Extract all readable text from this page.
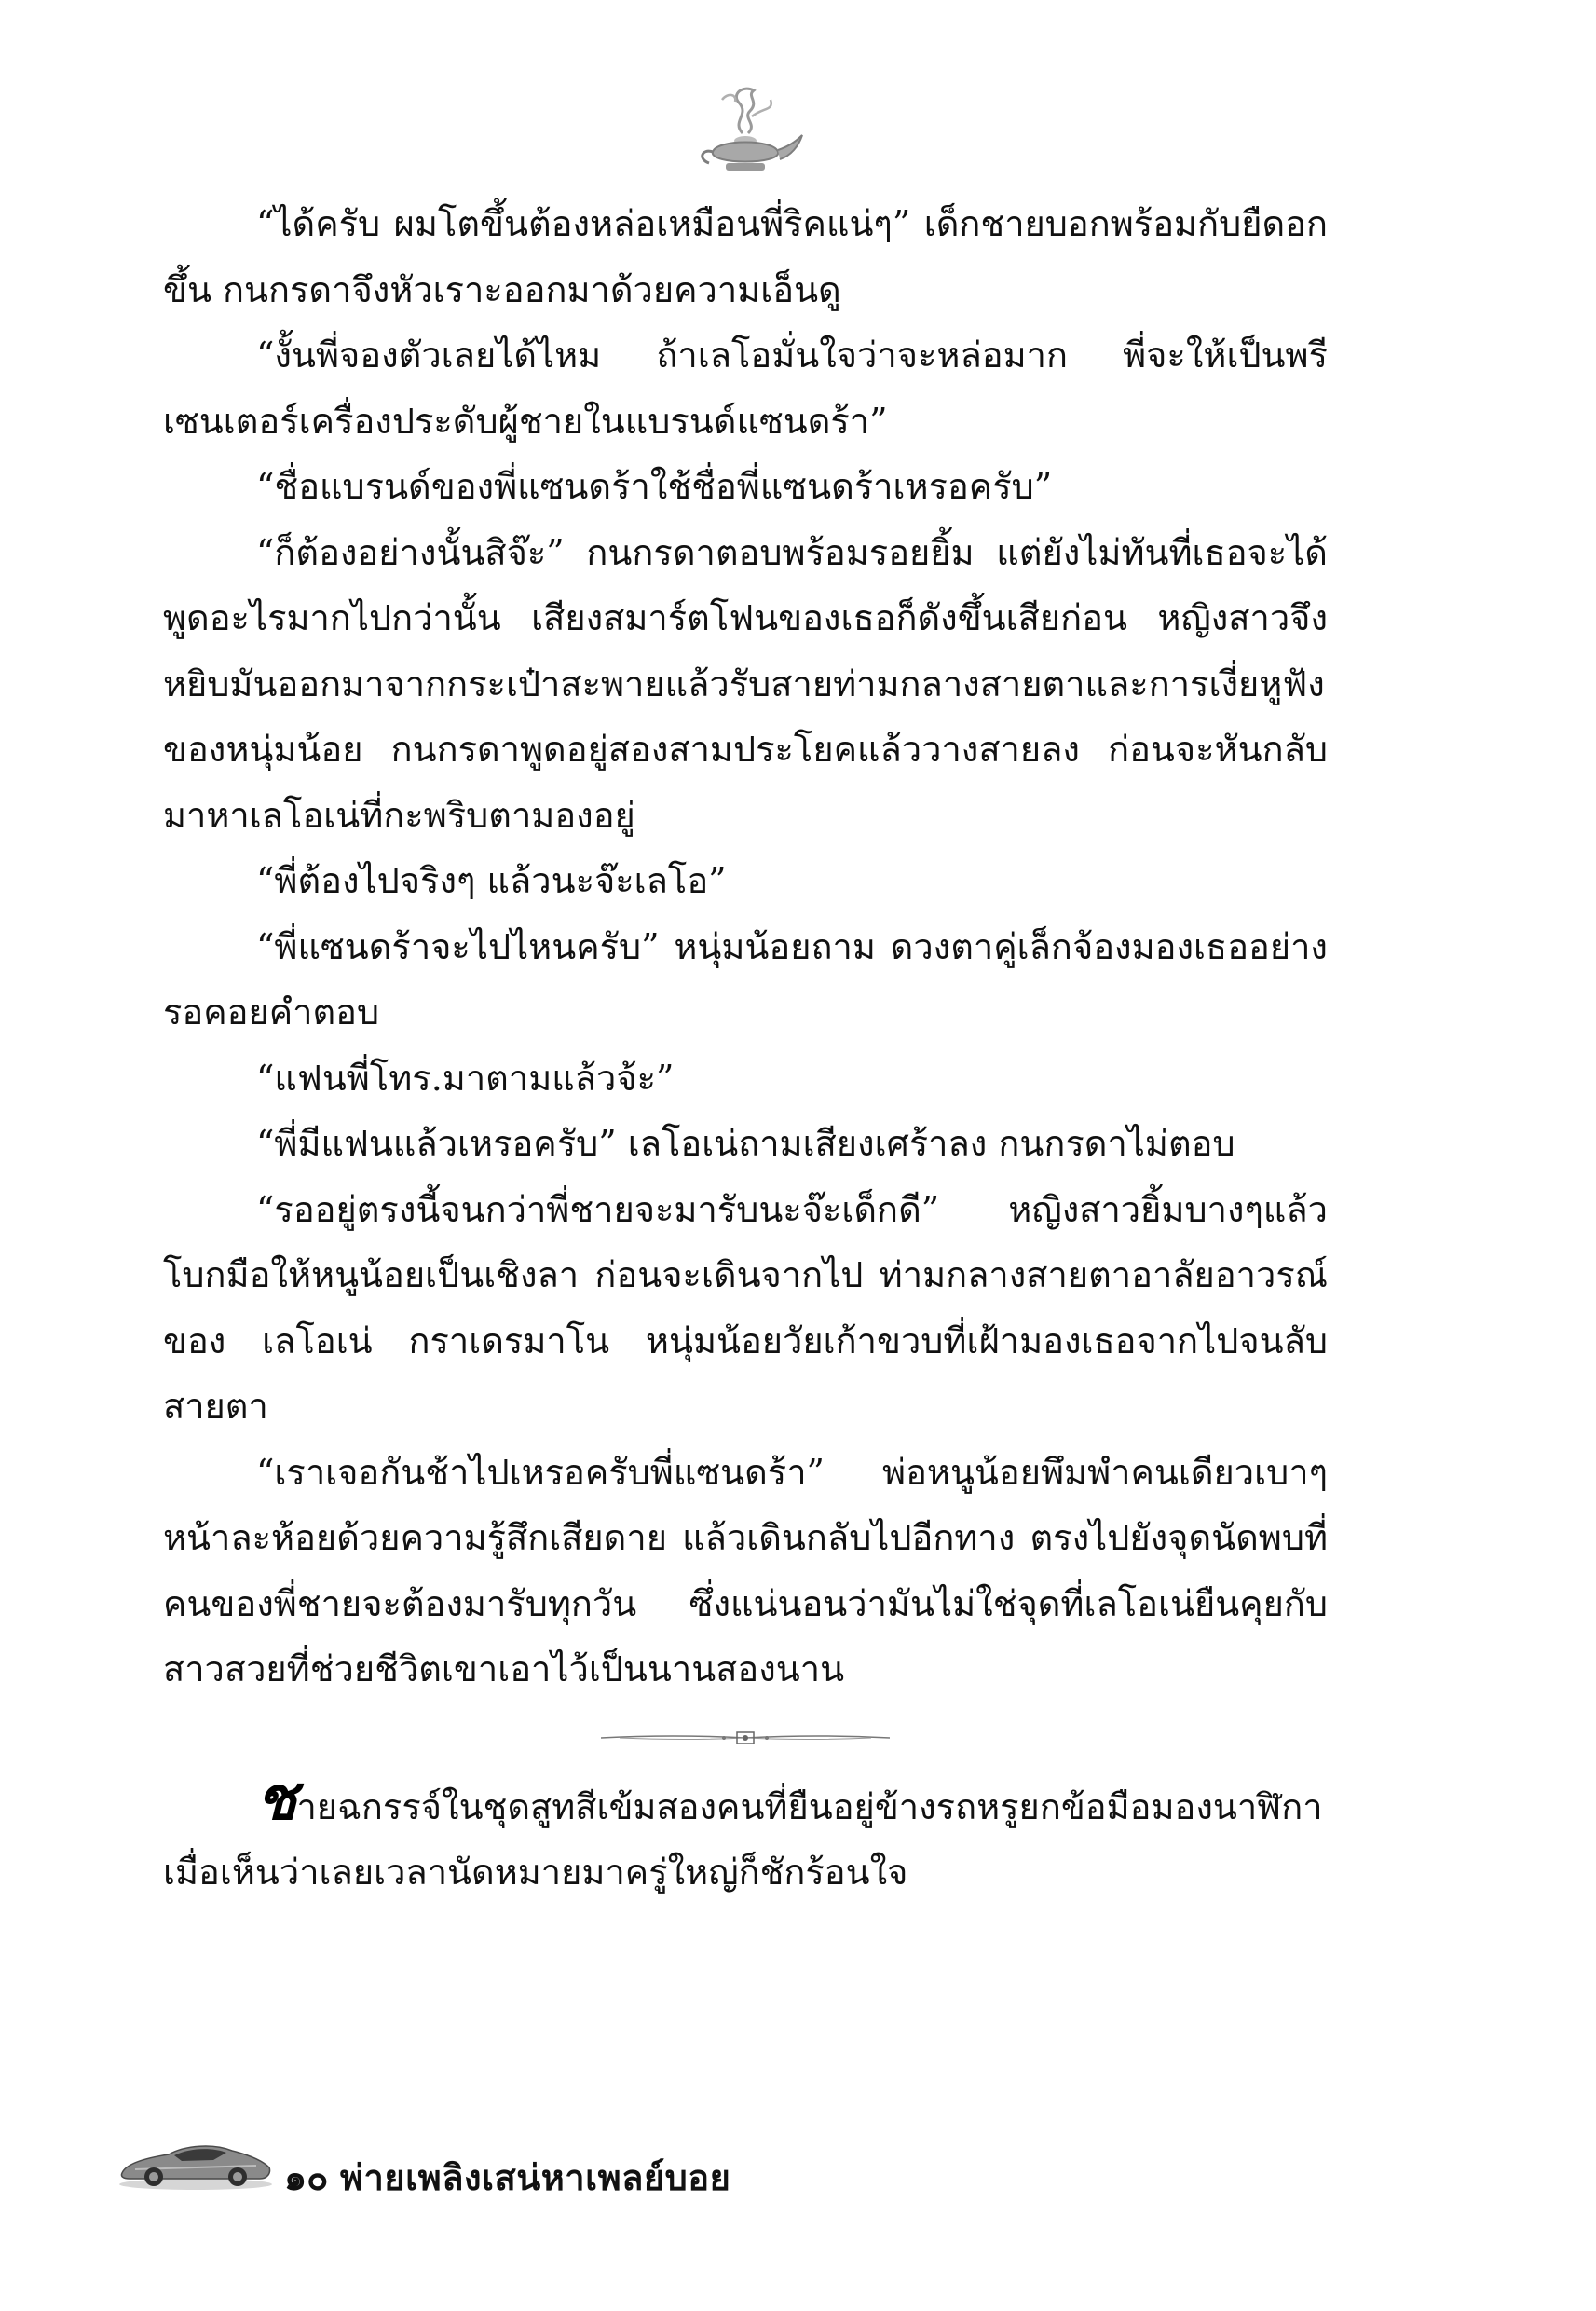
“ได้ครับ ผมโตขึ้นต้องหล่อเหมือนพี่ริคแน่ๆ” เด็กชายบอกพร้อมกับยืดอกขึ้น กนกรดาจึงหัวเราะออกมาด้วยความเอ็นดู

“งั้นพี่จองตัวเลยได้ไหม ถ้าเลโอมั่นใจว่าจะหล่อมาก พี่จะให้เป็นพรีเซนเตอร์เครื่องประดับผู้ชายในแบรนด์แซนดร้า”

“ชื่อแบรนด์ของพี่แซนดร้าใช้ชื่อพี่แซนดร้าเหรอครับ”

“ก็ต้องอย่างนั้นสิจ๊ะ” กนกรดาตอบพร้อมรอยยิ้ม แต่ยังไม่ทันที่เธอจะได้พูดอะไรมากไปกว่านั้น เสียงสมาร์ตโฟนของเธอก็ดังขึ้นเสียก่อน หญิงสาวจึงหยิบมันออกมาจากกระเป๋าสะพายแล้วรับสายท่ามกลางสายตาและการเงี่ยหูฟังของหนุ่มน้อย กนกรดาพูดอยู่สองสามประโยคแล้ววางสายลง ก่อนจะหันกลับมาหาเลโอเน่ที่กะพริบตามองอยู่

“พี่ต้องไปจริงๆ แล้วนะจ๊ะเลโอ”

“พี่แซนดร้าจะไปไหนครับ” หนุ่มน้อยถาม ดวงตาคู่เล็กจ้องมองเธออย่างรอคอยคำตอบ

“แฟนพี่โทร.มาตามแล้วจ้ะ”

“พี่มีแฟนแล้วเหรอครับ” เลโอเน่ถามเสียงเศร้าลง กนกรดาไม่ตอบ

“รออยู่ตรงนี้จนกว่าพี่ชายจะมารับนะจ๊ะเด็กดี” หญิงสาวยิ้มบางๆแล้วโบกมือให้หนูน้อยเป็นเชิงลา ก่อนจะเดินจากไป ท่ามกลางสายตาอาลัยอาวรณ์ของ เลโอเน่ กราเดรมาโน หนุ่มน้อยวัยเก้าขวบที่เฝ้ามองเธอจากไปจนลับสายตา

“เราเจอกันช้าไปเหรอครับพี่แซนดร้า” พ่อหนูน้อยพึมพำคนเดียวเบาๆ หน้าละห้อยด้วยความรู้สึกเสียดาย แล้วเดินกลับไปอีกทาง ตรงไปยังจุดนัดพบที่คนของพี่ชายจะต้องมารับทุกวัน ซึ่งแน่นอนว่ามันไม่ใช่จุดที่เลโอเน่ยืนคุยกับสาวสวยที่ช่วยชีวิตเขาเอาไว้เป็นนานสองนาน

ชายฉกรรจ์ในชุดสูทสีเข้มสองคนที่ยืนอยู่ข้างรถหรูยกข้อมือมองนาฬิกา เมื่อเห็นว่าเลยเวลานัดหมายมาครู่ใหญ่ก็ชักร้อนใจ

๑๐ พ่ายเพลิงเสน่หาเพลย์บอย
